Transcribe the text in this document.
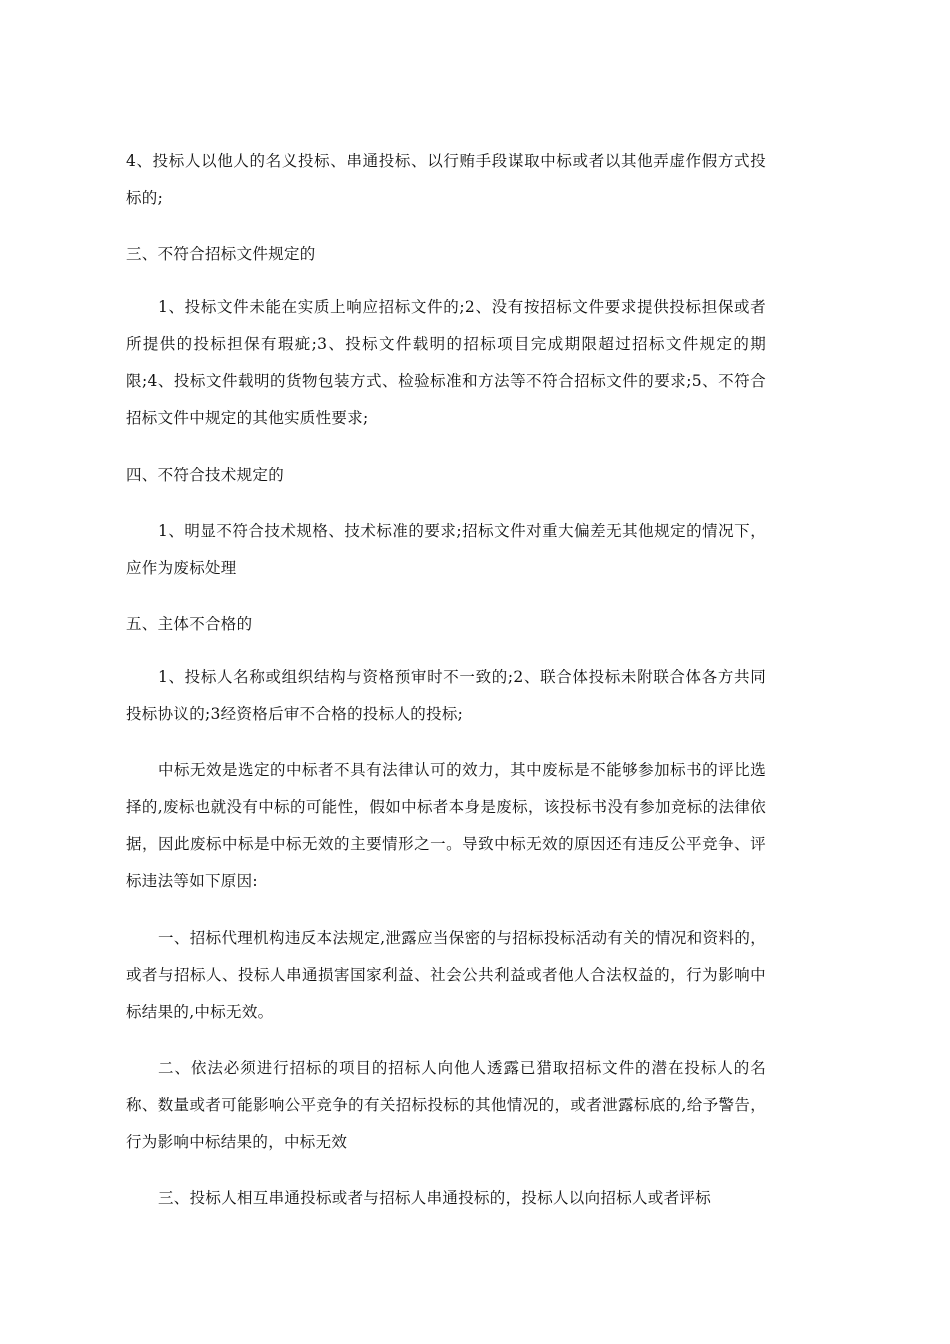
4、投标人以他人的名义投标、串通投标、以行贿手段谋取中标或者以其他弄虚作假方式投标的;

三、不符合招标文件规定的

1、投标文件未能在实质上响应招标文件的;2、没有按招标文件要求提供投标担保或者所提供的投标担保有瑕疵;3、投标文件载明的招标项目完成期限超过招标文件规定的期限;4、投标文件载明的货物包装方式、检验标准和方法等不符合招标文件的要求;5、不符合招标文件中规定的其他实质性要求;

四、不符合技术规定的

1、明显不符合技术规格、技术标准的要求;招标文件对重大偏差无其他规定的情况下，应作为废标处理

五、主体不合格的

1、投标人名称或组织结构与资格预审时不一致的;2、联合体投标未附联合体各方共同投标协议的;3经资格后审不合格的投标人的投标;

中标无效是选定的中标者不具有法律认可的效力，其中废标是不能够参加标书的评比选择的,废标也就没有中标的可能性，假如中标者本身是废标，该投标书没有参加竞标的法律依据，因此废标中标是中标无效的主要情形之一。导致中标无效的原因还有违反公平竞争、评标违法等如下原因:

一、招标代理机构违反本法规定,泄露应当保密的与招标投标活动有关的情况和资料的，或者与招标人、投标人串通损害国家利益、社会公共利益或者他人合法权益的，行为影响中标结果的,中标无效。

二、依法必须进行招标的项目的招标人向他人透露已猎取招标文件的潜在投标人的名称、数量或者可能影响公平竞争的有关招标投标的其他情况的，或者泄露标底的,给予警告，行为影响中标结果的，中标无效

三、投标人相互串通投标或者与招标人串通投标的，投标人以向招标人或者评标
